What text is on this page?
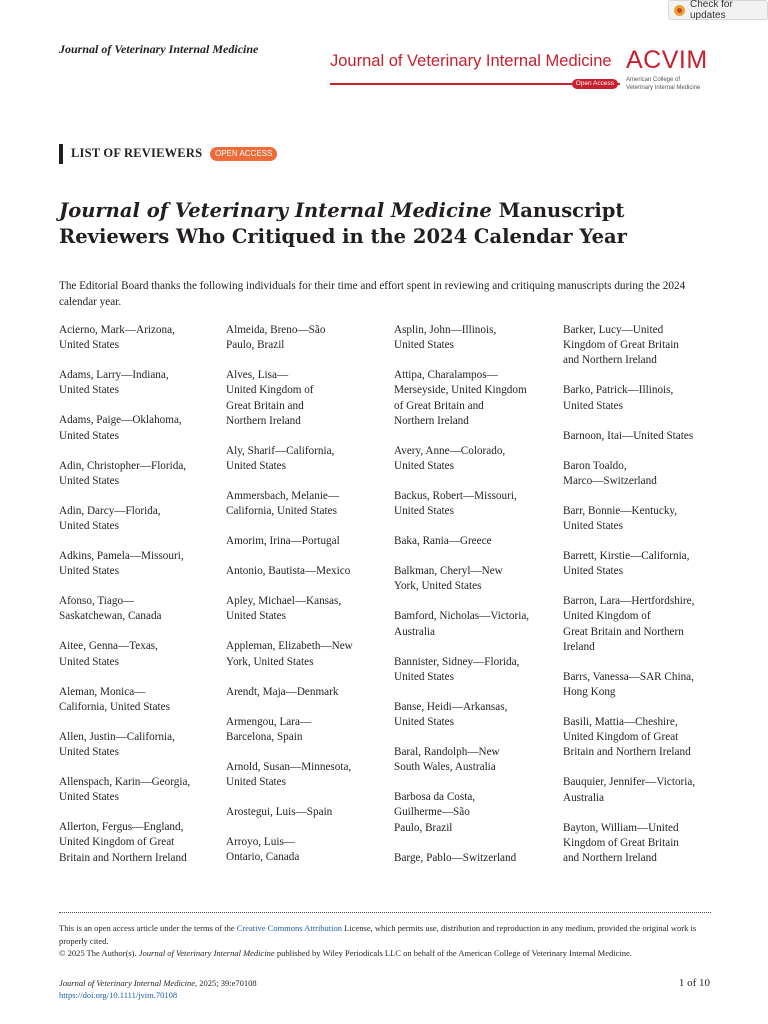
Check for updates
Journal of Veterinary Internal Medicine
Journal of Veterinary Internal Medicine
Open Access
ACVIM
American College of
Veterinary Internal Medicine
LIST OF REVIEWERS	OPEN ACCESS
Journal of Veterinary Internal Medicine Manuscript Reviewers Who Critiqued in the 2024 Calendar Year

The Editorial Board thanks the following individuals for their time and effort spent in reviewing and critiquing manuscripts during the 2024 calendar year.

Acierno, Mark—Arizona,
United States
Adams, Larry—Indiana,
United States
Adams, Paige—Oklahoma,
United States
Adin, Christopher—Florida,
United States
Adin, Darcy—Florida,
United States
Adkins, Pamela—Missouri,
United States
Afonso, Tiago—
Saskatchewan, Canada
Aitee, Genna—Texas,
United States
Aleman, Monica—
California, United States
Allen, Justin—California,
United States
Allenspach, Karin—Georgia,
United States
Allerton, Fergus—England,
United Kingdom of Great
Britain and Northern Ireland
Almeida, Breno—São
Paulo, Brazil
Alves, Lisa—
United Kingdom of
Great Britain and
Northern Ireland
Aly, Sharif—California,
United States
Ammersbach, Melanie—
California, United States
Amorim, Irina—Portugal
Antonio, Bautista—Mexico
Apley, Michael—Kansas,
United States
Appleman, Elizabeth—New
York, United States
Arendt, Maja—Denmark
Armengou, Lara—
Barcelona, Spain
Arnold, Susan—Minnesota,
United States
Arostegui, Luis—Spain
Arroyo, Luis—
Ontario, Canada
Asplin, John—Illinois,
United States
Attipa, Charalampos—
Merseyside, United Kingdom
of Great Britain and
Northern Ireland
Avery, Anne—Colorado,
United States
Backus, Robert—Missouri,
United States
Baka, Rania—Greece
Balkman, Cheryl—New
York, United States
Bamford, Nicholas—Victoria,
Australia
Bannister, Sidney—Florida,
United States
Banse, Heidi—Arkansas,
United States
Baral, Randolph—New
South Wales, Australia
Barbosa da Costa,
Guilherme—São
Paulo, Brazil
Barge, Pablo—Switzerland
Barker, Lucy—United
Kingdom of Great Britain
and Northern Ireland
Barko, Patrick—Illinois,
United States
Barnoon, Itai—United States
Baron Toaldo,
Marco—Switzerland
Barr, Bonnie—Kentucky,
United States
Barrett, Kirstie—California,
United States
Barron, Lara—Hertfordshire,
United Kingdom of
Great Britain and Northern
Ireland
Barrs, Vanessa—SAR China,
Hong Kong
Basili, Mattia—Cheshire,
United Kingdom of Great
Britain and Northern Ireland
Bauquier, Jennifer—Victoria,
Australia
Bayton, William—United
Kingdom of Great Britain
and Northern Ireland

This is an open access article under the terms of the Creative Commons Attribution License, which permits use, distribution and reproduction in any medium, provided the original work is properly cited.

© 2025 The Author(s). Journal of Veterinary Internal Medicine published by Wiley Periodicals LLC on behalf of the American College of Veterinary Internal Medicine.

Journal of Veterinary Internal Medicine, 2025; 39:e70108
https://doi.org/10.1111/jvim.70108
1 of 10
